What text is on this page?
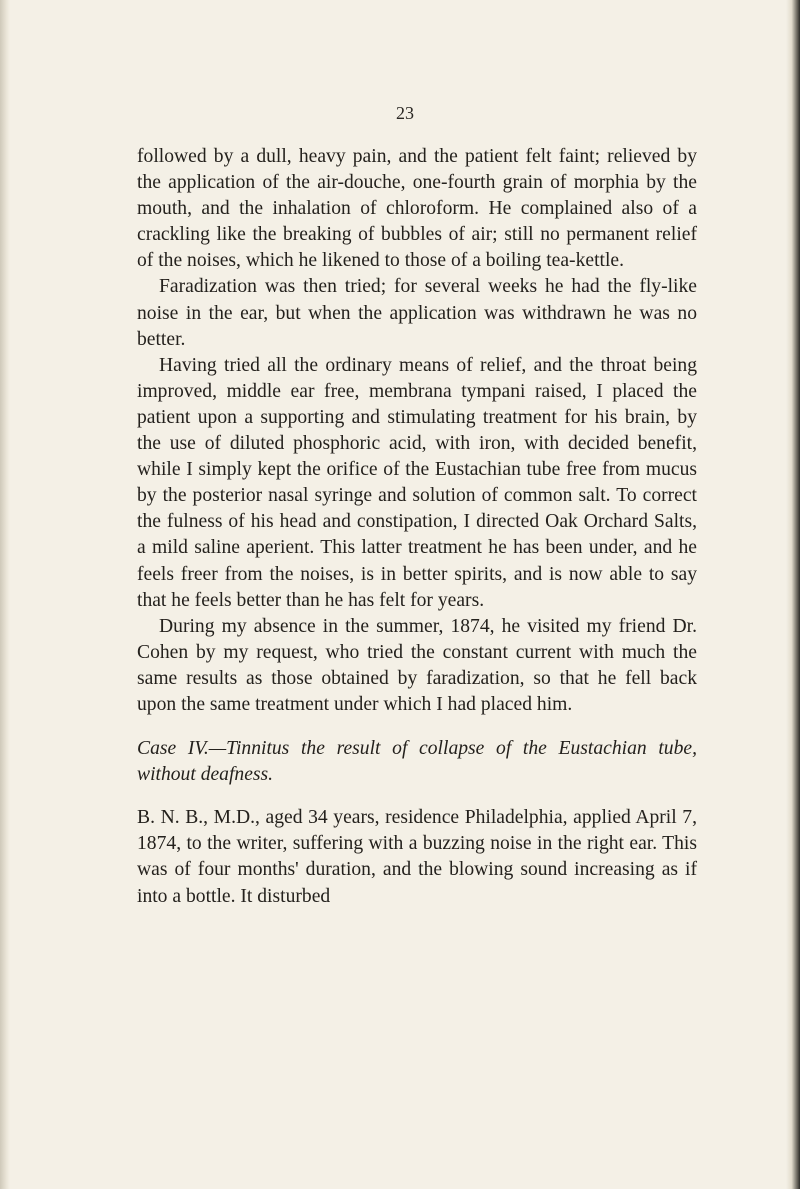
23

followed by a dull, heavy pain, and the patient felt faint; relieved by the application of the air-douche, one-fourth grain of morphia by the mouth, and the inhalation of chloroform. He complained also of a crackling like the breaking of bubbles of air; still no permanent relief of the noises, which he likened to those of a boiling tea-kettle.

Faradization was then tried; for several weeks he had the fly-like noise in the ear, but when the application was withdrawn he was no better.

Having tried all the ordinary means of relief, and the throat being improved, middle ear free, membrana tympani raised, I placed the patient upon a supporting and stimulating treatment for his brain, by the use of diluted phosphoric acid, with iron, with decided benefit, while I simply kept the orifice of the Eustachian tube free from mucus by the posterior nasal syringe and solution of common salt. To correct the fulness of his head and constipation, I directed Oak Orchard Salts, a mild saline aperient. This latter treatment he has been under, and he feels freer from the noises, is in better spirits, and is now able to say that he feels better than he has felt for years.

During my absence in the summer, 1874, he visited my friend Dr. Cohen by my request, who tried the constant current with much the same results as those obtained by faradization, so that he fell back upon the same treatment under which I had placed him.

Case IV.—Tinnitus the result of collapse of the Eustachian tube, without deafness.

B. N. B., M.D., aged 34 years, residence Philadelphia, applied April 7, 1874, to the writer, suffering with a buzzing noise in the right ear. This was of four months' duration, and the blowing sound increasing as if into a bottle. It disturbed
